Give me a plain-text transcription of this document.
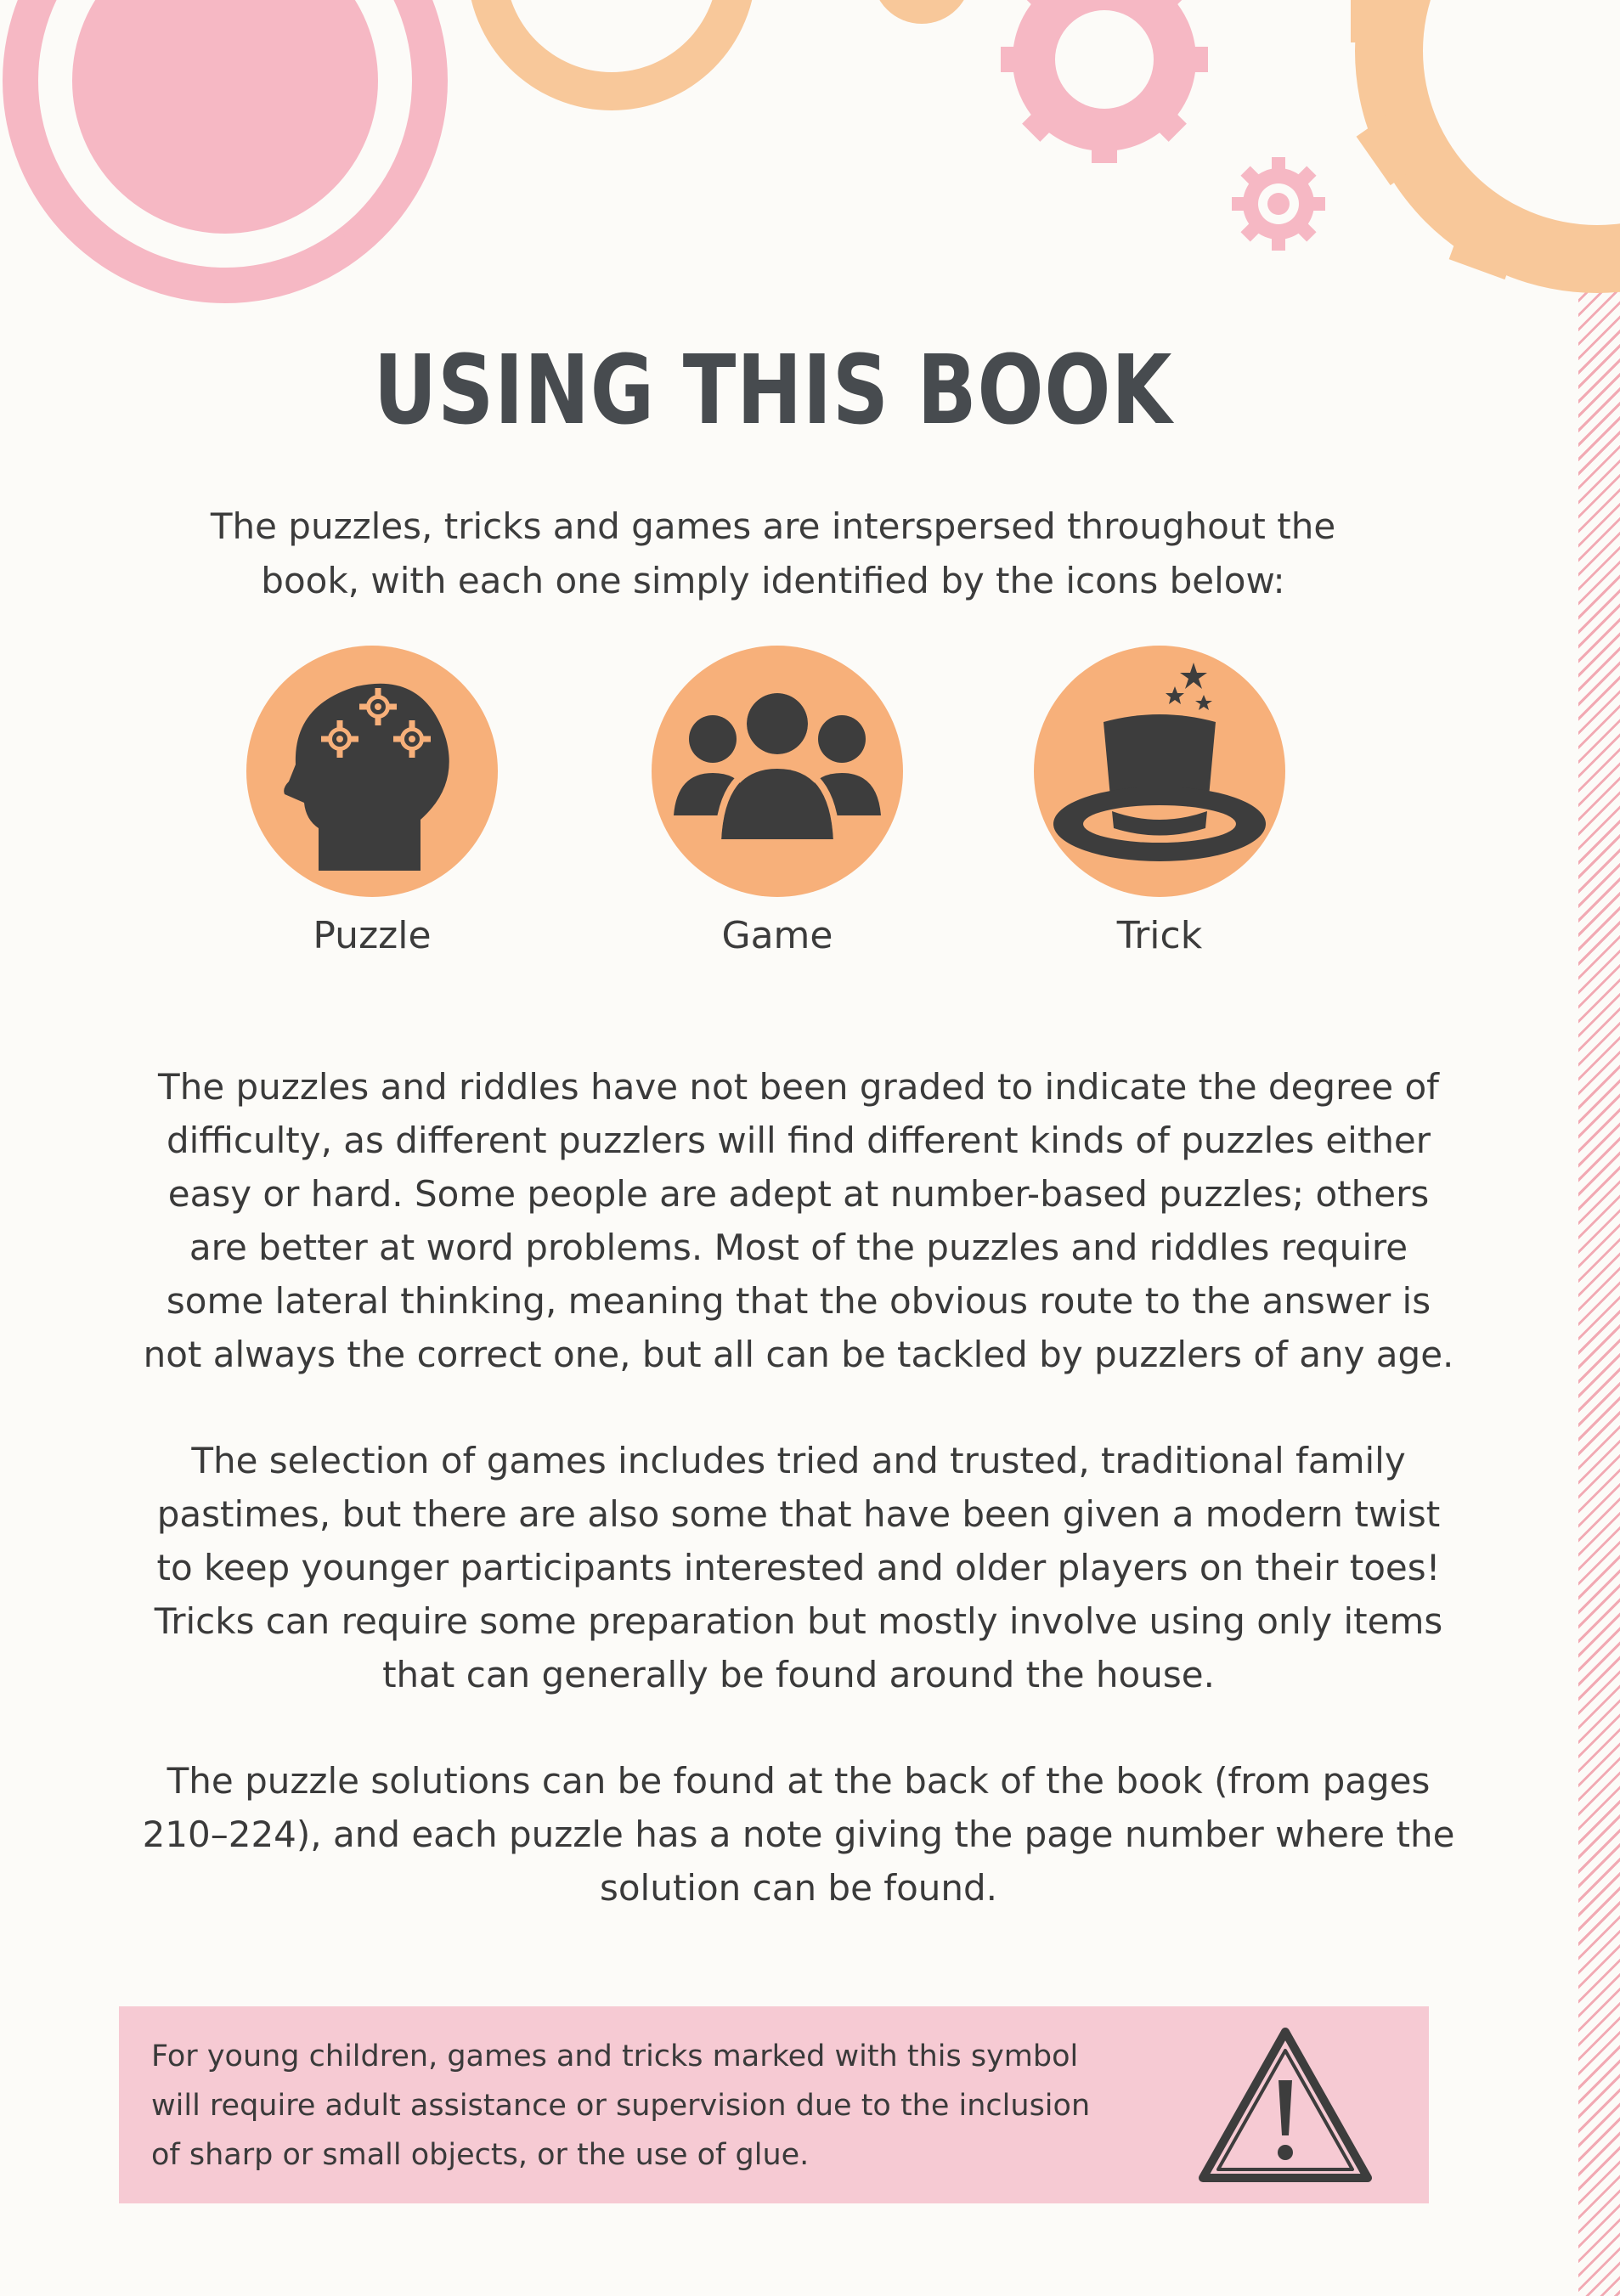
USING THIS BOOK
The puzzles, tricks and games are interspersed throughout the
book, with each one simply identified by the icons below:
Puzzle	Game	Trick
The puzzles and riddles have not been graded to indicate the degree of
difficulty, as different puzzlers will find different kinds of puzzles either
easy or hard. Some people are adept at number-based puzzles; others
are better at word problems. Most of the puzzles and riddles require
some lateral thinking, meaning that the obvious route to the answer is
not always the correct one, but all can be tackled by puzzlers of any age.
The selection of games includes tried and trusted, traditional family
pastimes, but there are also some that have been given a modern twist
to keep younger participants interested and older players on their toes!
Tricks can require some preparation but mostly involve using only items
that can generally be found around the house.
The puzzle solutions can be found at the back of the book (from pages
210–224), and each puzzle has a note giving the page number where the
solution can be found.
For young children, games and tricks marked with this symbol
will require adult assistance or supervision due to the inclusion
of sharp or small objects, or the use of glue.
